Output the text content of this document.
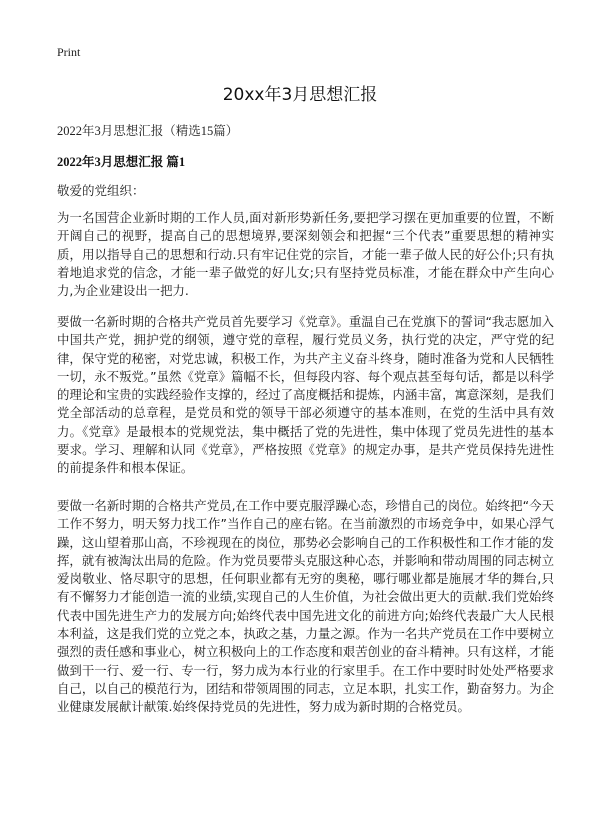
Print
20xx年3月思想汇报
2022年3月思想汇报（精选15篇）
2022年3月思想汇报 篇1
敬爱的党组织：

为一名国营企业新时期的工作人员,面对新形势新任务,要把学习摆在更加重要的位置，不断开阔自己的视野，提高自己的思想境界,要深刻领会和把握“三个代表”重要思想的精神实质，用以指导自己的思想和行动.只有牢记住党的宗旨，才能一辈子做人民的好公仆;只有执着地追求党的信念，才能一辈子做党的好儿女;只有坚持党员标准，才能在群众中产生向心力,为企业建设出一把力.

要做一名新时期的合格共产党员首先要学习《党章》。重温自己在党旗下的誓词“我志愿加入中国共产党，拥护党的纲领，遵守党的章程，履行党员义务，执行党的决定，严守党的纪律，保守党的秘密，对党忠诚，积极工作，为共产主义奋斗终身，随时准备为党和人民牺牲一切，永不叛党。”虽然《党章》篇幅不长，但每段内容、每个观点甚至每句话，都是以科学的理论和宝贵的实践经验作支撑的，经过了高度概括和提炼，内涵丰富，寓意深刻，是我们党全部活动的总章程，是党员和党的领导干部必须遵守的基本准则，在党的生活中具有效力。《党章》是最根本的党规党法，集中概括了党的先进性，集中体现了党员先进性的基本要求。学习、理解和认同《党章》，严格按照《党章》的规定办事，是共产党员保持先进性的前提条件和根本保证。

要做一名新时期的合格共产党员,在工作中要克服浮躁心态，珍惜自己的岗位。始终把“今天工作不努力，明天努力找工作”当作自己的座右铭。在当前激烈的市场竞争中，如果心浮气躁，这山望着那山高，不珍视现在的岗位，那势必会影响自己的工作积极性和工作才能的发挥，就有被淘汰出局的危险。作为党员要带头克服这种心态，并影响和带动周围的同志树立爱岗敬业、恪尽职守的思想，任何职业都有无穷的奥秘，哪行哪业都是施展才华的舞台,只有不懈努力才能创造一流的业绩,实现自己的人生价值，为社会做出更大的贡献.我们党始终代表中国先进生产力的发展方向;始终代表中国先进文化的前进方向;始终代表最广大人民根本利益，这是我们党的立党之本，执政之基，力量之源。作为一名共产党员在工作中要树立强烈的责任感和事业心，树立积极向上的工作态度和艰苦创业的奋斗精神。只有这样，才能做到干一行、爱一行、专一行，努力成为本行业的行家里手。在工作中要时时处处严格要求自己，以自己的模范行为，团结和带领周围的同志，立足本职，扎实工作，勤奋努力。为企业健康发展献计献策.始终保持党员的先进性，努力成为新时期的合格党员。
